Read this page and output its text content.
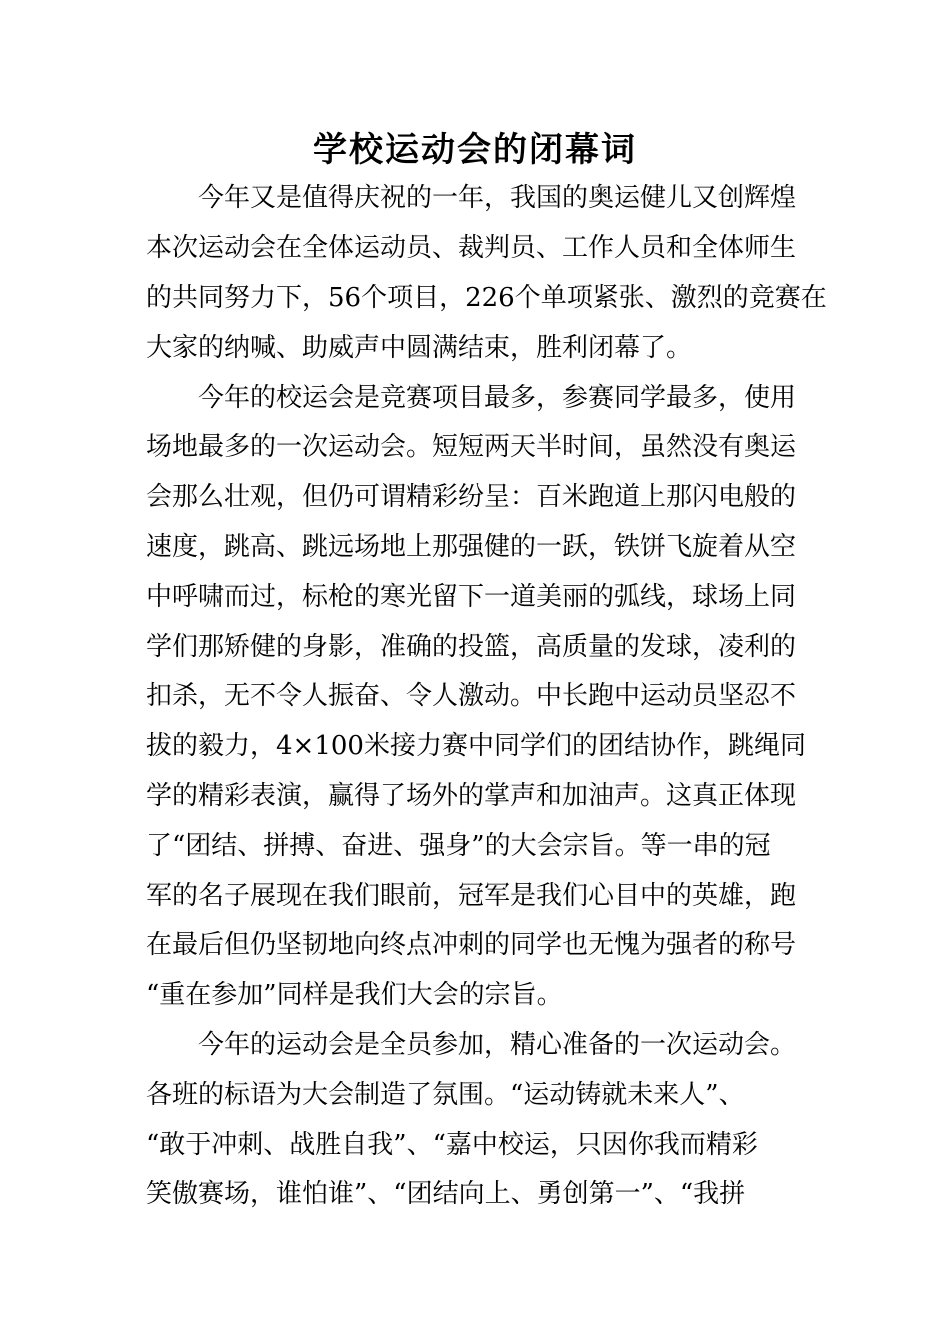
学校运动会的闭幕词
今年又是值得庆祝的一年，我国的奥运健儿又创辉煌
本次运动会在全体运动员、裁判员、工作人员和全体师生
的共同努力下，56个项目，226个单项紧张、激烈的竞赛在
大家的纳喊、助威声中圆满结束，胜利闭幕了。
今年的校运会是竞赛项目最多，参赛同学最多，使用
场地最多的一次运动会。短短两天半时间，虽然没有奥运
会那么壮观，但仍可谓精彩纷呈：百米跑道上那闪电般的
速度，跳高、跳远场地上那强健的一跃，铁饼飞旋着从空
中呼啸而过，标枪的寒光留下一道美丽的弧线，球场上同
学们那矫健的身影，准确的投篮，高质量的发球，凌利的
扣杀，无不令人振奋、令人激动。中长跑中运动员坚忍不
拔的毅力，4×100米接力赛中同学们的团结协作，跳绳同
学的精彩表演，赢得了场外的掌声和加油声。这真正体现
了“团结、拼搏、奋进、强身”的大会宗旨。等一串的冠
军的名子展现在我们眼前，冠军是我们心目中的英雄，跑
在最后但仍坚韧地向终点冲刺的同学也无愧为强者的称号
“重在参加”同样是我们大会的宗旨。
今年的运动会是全员参加，精心准备的一次运动会。
各班的标语为大会制造了氛围。“运动铸就未来人”、
“敢于冲刺、战胜自我”、“嘉中校运，只因你我而精彩
笑傲赛场，谁怕谁”、“团结向上、勇创第一”、“我拼
